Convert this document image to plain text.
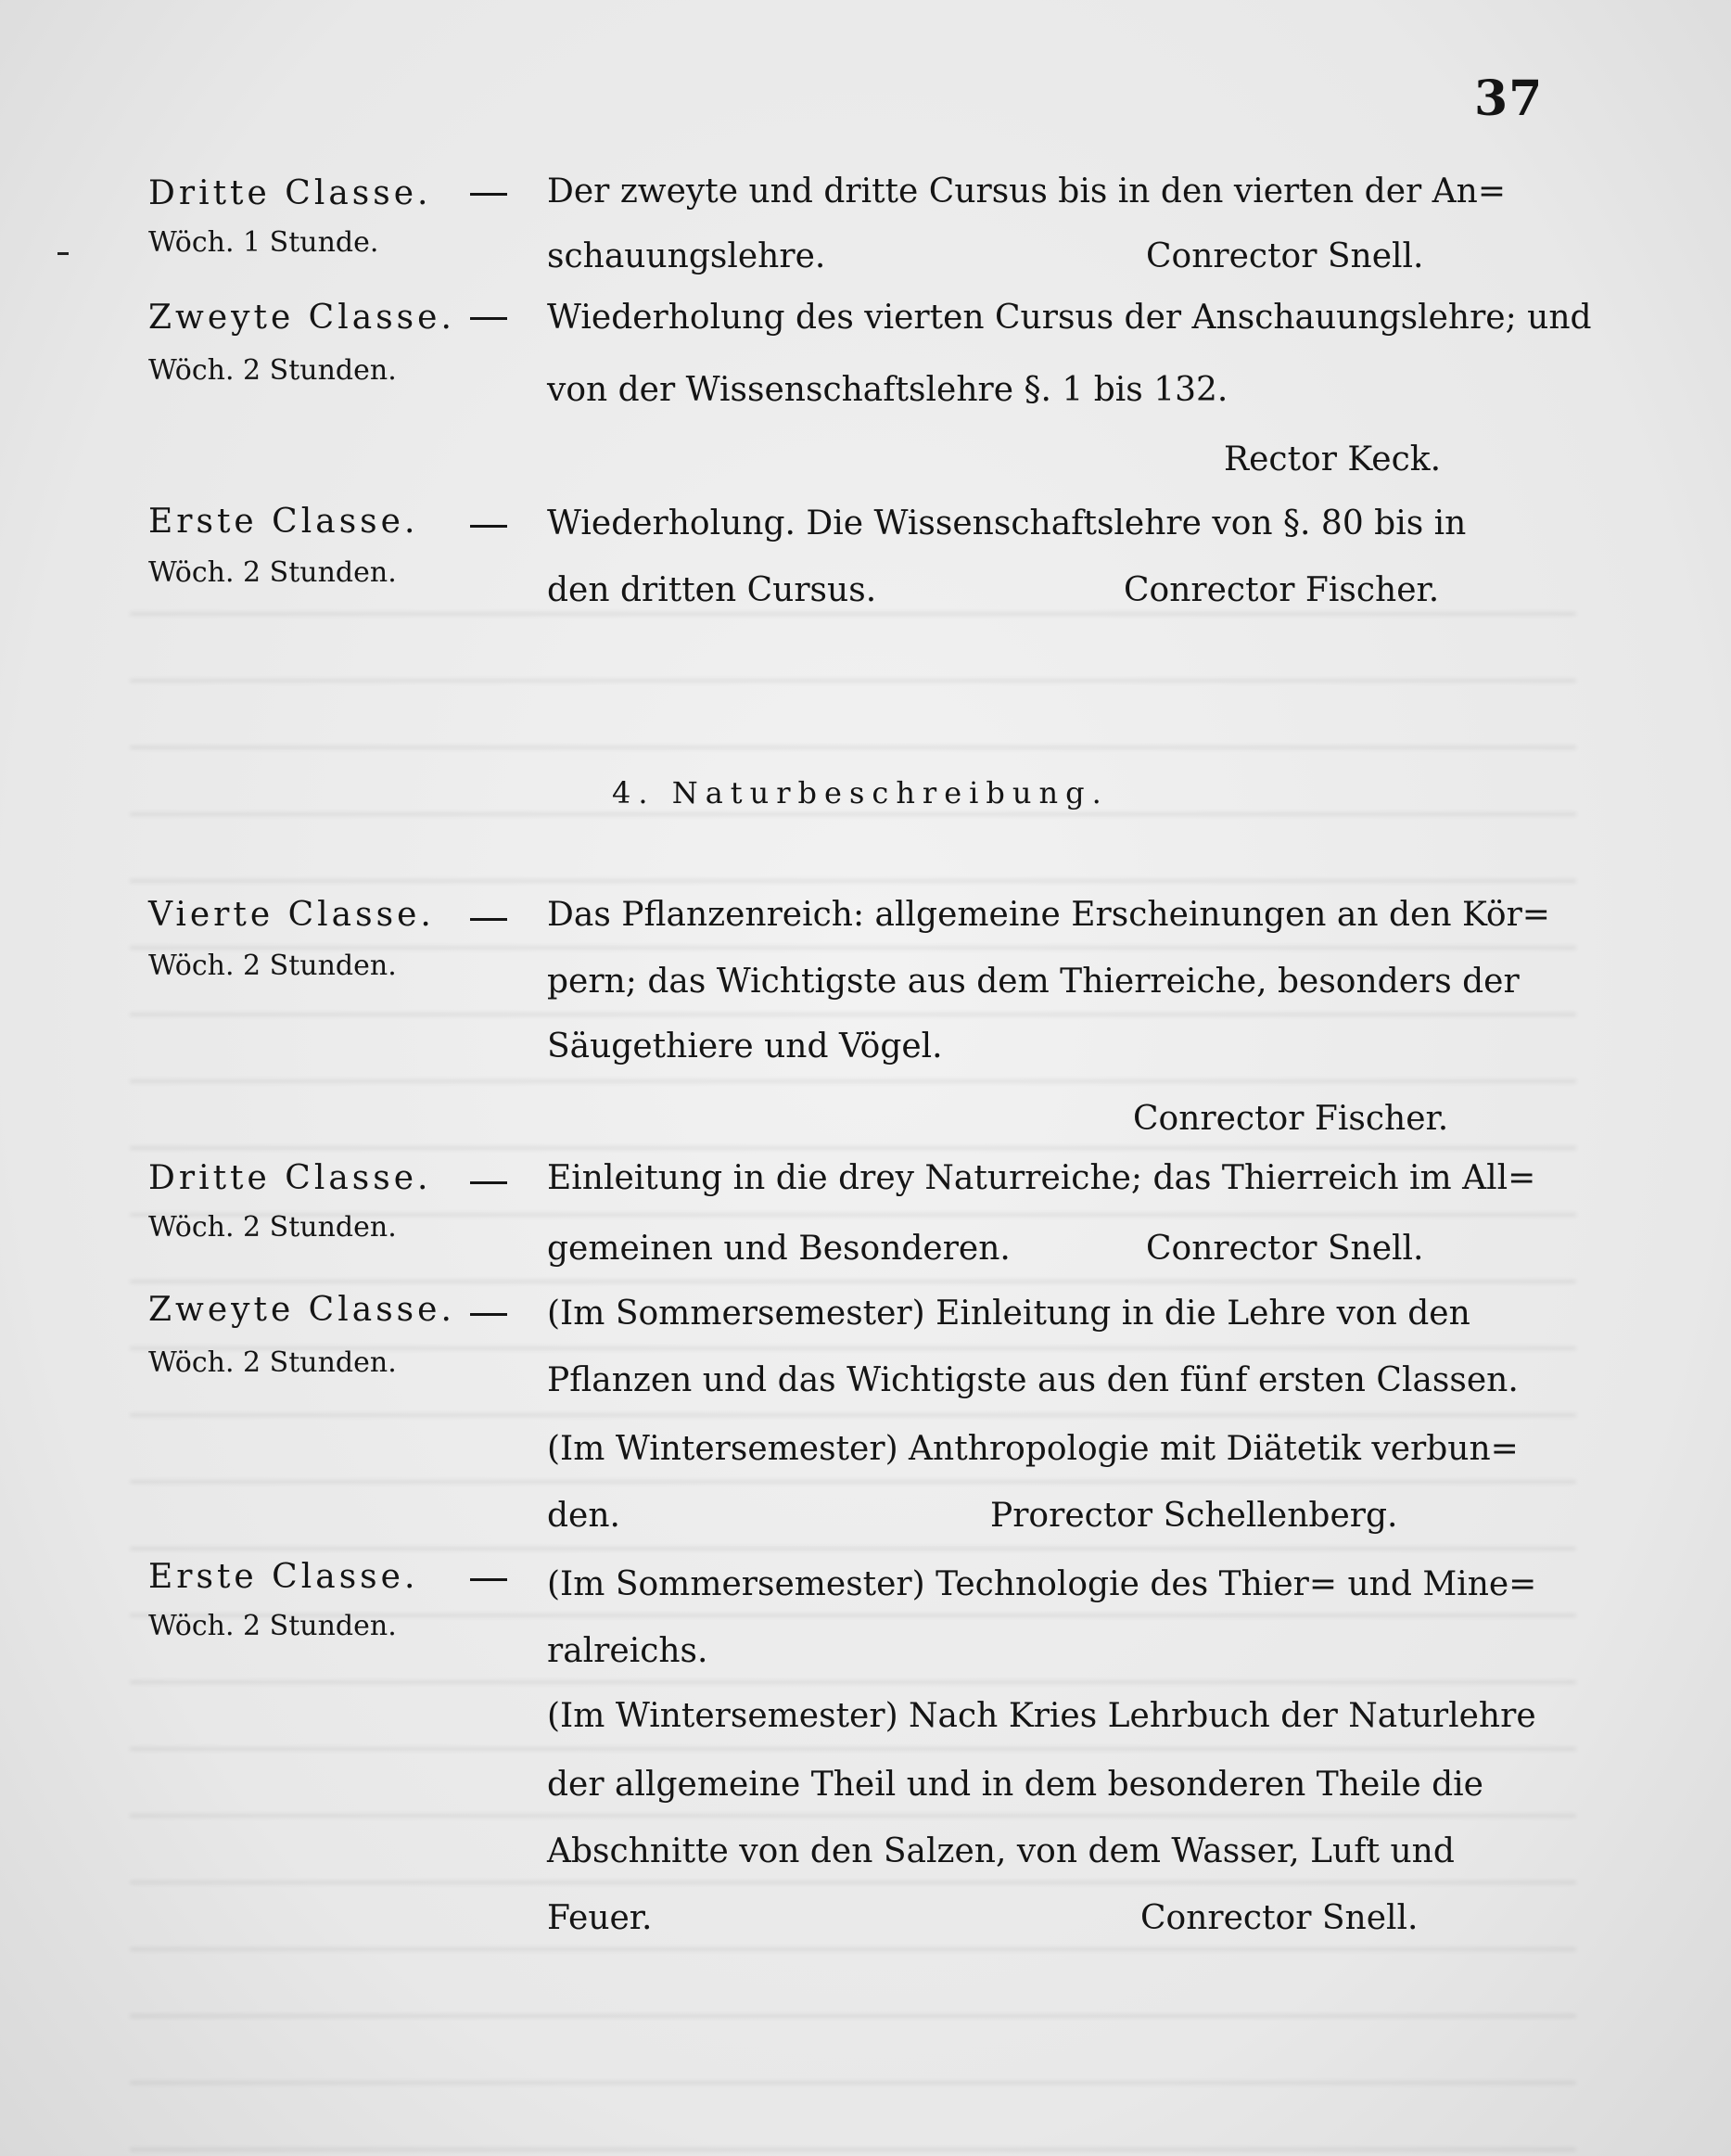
37
Dritte Classe.
Wöch. 1 Stunde.
Der zweyte und dritte Cursus bis in den vierten der An=
schauungslehre.	Conrector Snell.
Zweyte Classe.
Wöch. 2 Stunden.
Wiederholung des vierten Cursus der Anschauungslehre; und
von der Wissenschaftslehre §. 1 bis 132.
Rector Keck.
Erste Classe.
Wöch. 2 Stunden.
Wiederholung. Die Wissenschaftslehre von §. 80 bis in
den dritten Cursus.	Conrector Fischer.
4. Naturbeschreibung.
Vierte Classe.
Wöch. 2 Stunden.
Das Pflanzenreich: allgemeine Erscheinungen an den Kör=
pern; das Wichtigste aus dem Thierreiche, besonders der
Säugethiere und Vögel.
Conrector Fischer.
Dritte Classe.
Wöch. 2 Stunden.
Einleitung in die drey Naturreiche; das Thierreich im All=
gemeinen und Besonderen.	Conrector Snell.
Zweyte Classe.
Wöch. 2 Stunden.
(Im Sommersemester) Einleitung in die Lehre von den
Pflanzen und das Wichtigste aus den fünf ersten Classen.
(Im Wintersemester) Anthropologie mit Diätetik verbun=
den.	Prorector Schellenberg.
Erste Classe.
Wöch. 2 Stunden.
(Im Sommersemester) Technologie des Thier= und Mine=
ralreichs.
(Im Wintersemester) Nach Kries Lehrbuch der Naturlehre
der allgemeine Theil und in dem besonderen Theile die
Abschnitte von den Salzen, von dem Wasser, Luft und
Feuer.	Conrector Snell.
